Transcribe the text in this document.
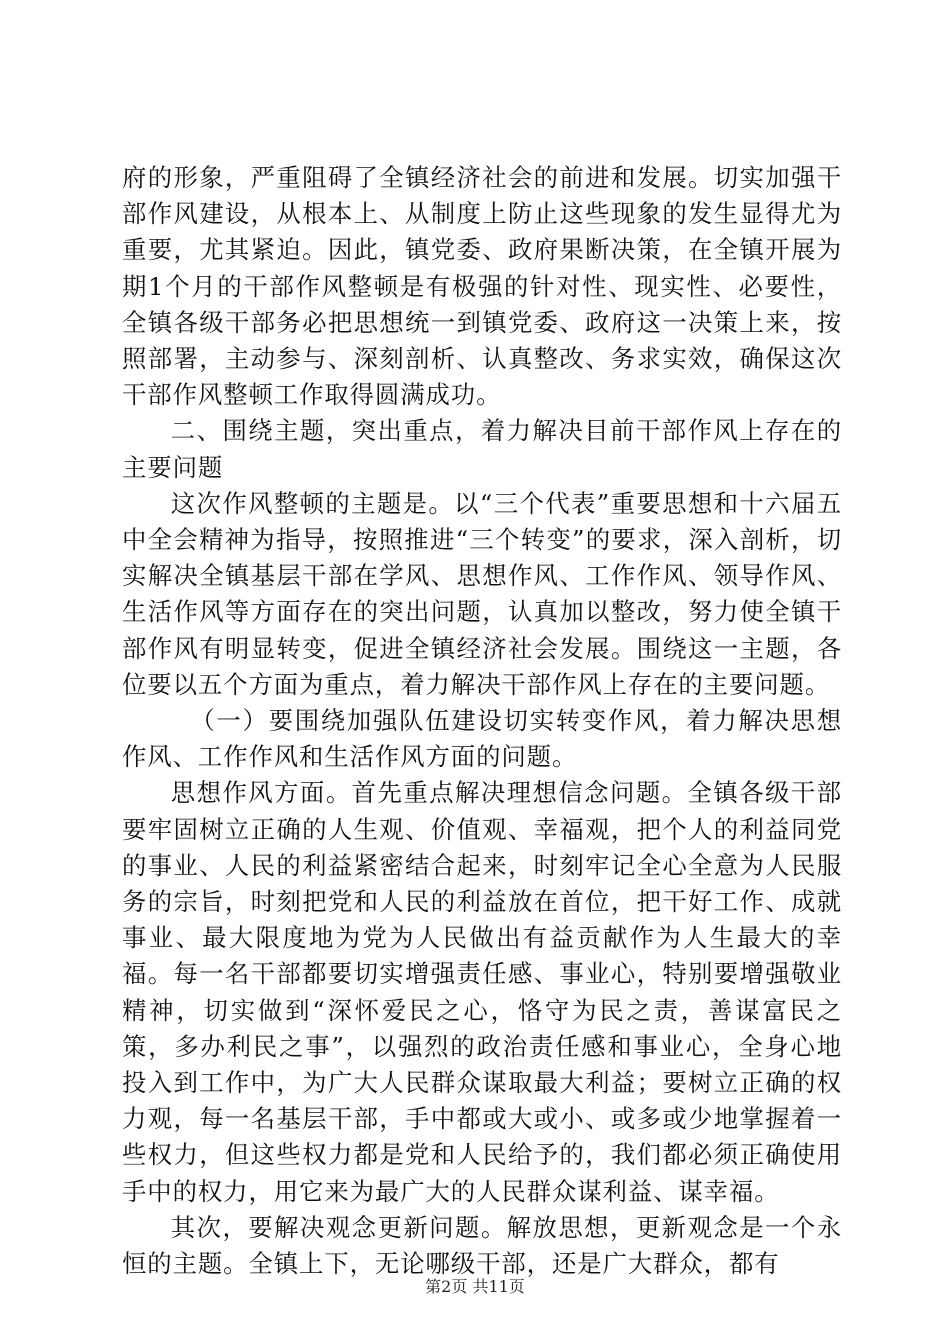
府的形象，严重阻碍了全镇经济社会的前进和发展。切实加强干部作风建设，从根本上、从制度上防止这些现象的发生显得尤为重要，尤其紧迫。因此，镇党委、政府果断决策，在全镇开展为期1个月的干部作风整顿是有极强的针对性、现实性、必要性，全镇各级干部务必把思想统一到镇党委、政府这一决策上来，按照部署，主动参与、深刻剖析、认真整改、务求实效，确保这次干部作风整顿工作取得圆满成功。

二、围绕主题，突出重点，着力解决目前干部作风上存在的主要问题

这次作风整顿的主题是。以“三个代表”重要思想和十六届五中全会精神为指导，按照推进“三个转变”的要求，深入剖析，切实解决全镇基层干部在学风、思想作风、工作作风、领导作风、生活作风等方面存在的突出问题，认真加以整改，努力使全镇干部作风有明显转变，促进全镇经济社会发展。围绕这一主题，各位要以五个方面为重点，着力解决干部作风上存在的主要问题。

（一）要围绕加强队伍建设切实转变作风，着力解决思想作风、工作作风和生活作风方面的问题。

思想作风方面。首先重点解决理想信念问题。全镇各级干部要牢固树立正确的人生观、价值观、幸福观，把个人的利益同党的事业、人民的利益紧密结合起来，时刻牢记全心全意为人民服务的宗旨，时刻把党和人民的利益放在首位，把干好工作、成就事业、最大限度地为党为人民做出有益贡献作为人生最大的幸福。每一名干部都要切实增强责任感、事业心，特别要增强敬业精神，切实做到“深怀爱民之心，恪守为民之责，善谋富民之策，多办利民之事”，以强烈的政治责任感和事业心，全身心地投入到工作中，为广大人民群众谋取最大利益；要树立正确的权力观，每一名基层干部，手中都或大或小、或多或少地掌握着一些权力，但这些权力都是党和人民给予的，我们都必须正确使用手中的权力，用它来为最广大的人民群众谋利益、谋幸福。

其次，要解决观念更新问题。解放思想，更新观念是一个永恒的主题。全镇上下，无论哪级干部，还是广大群众，都有

第2页 共11页
